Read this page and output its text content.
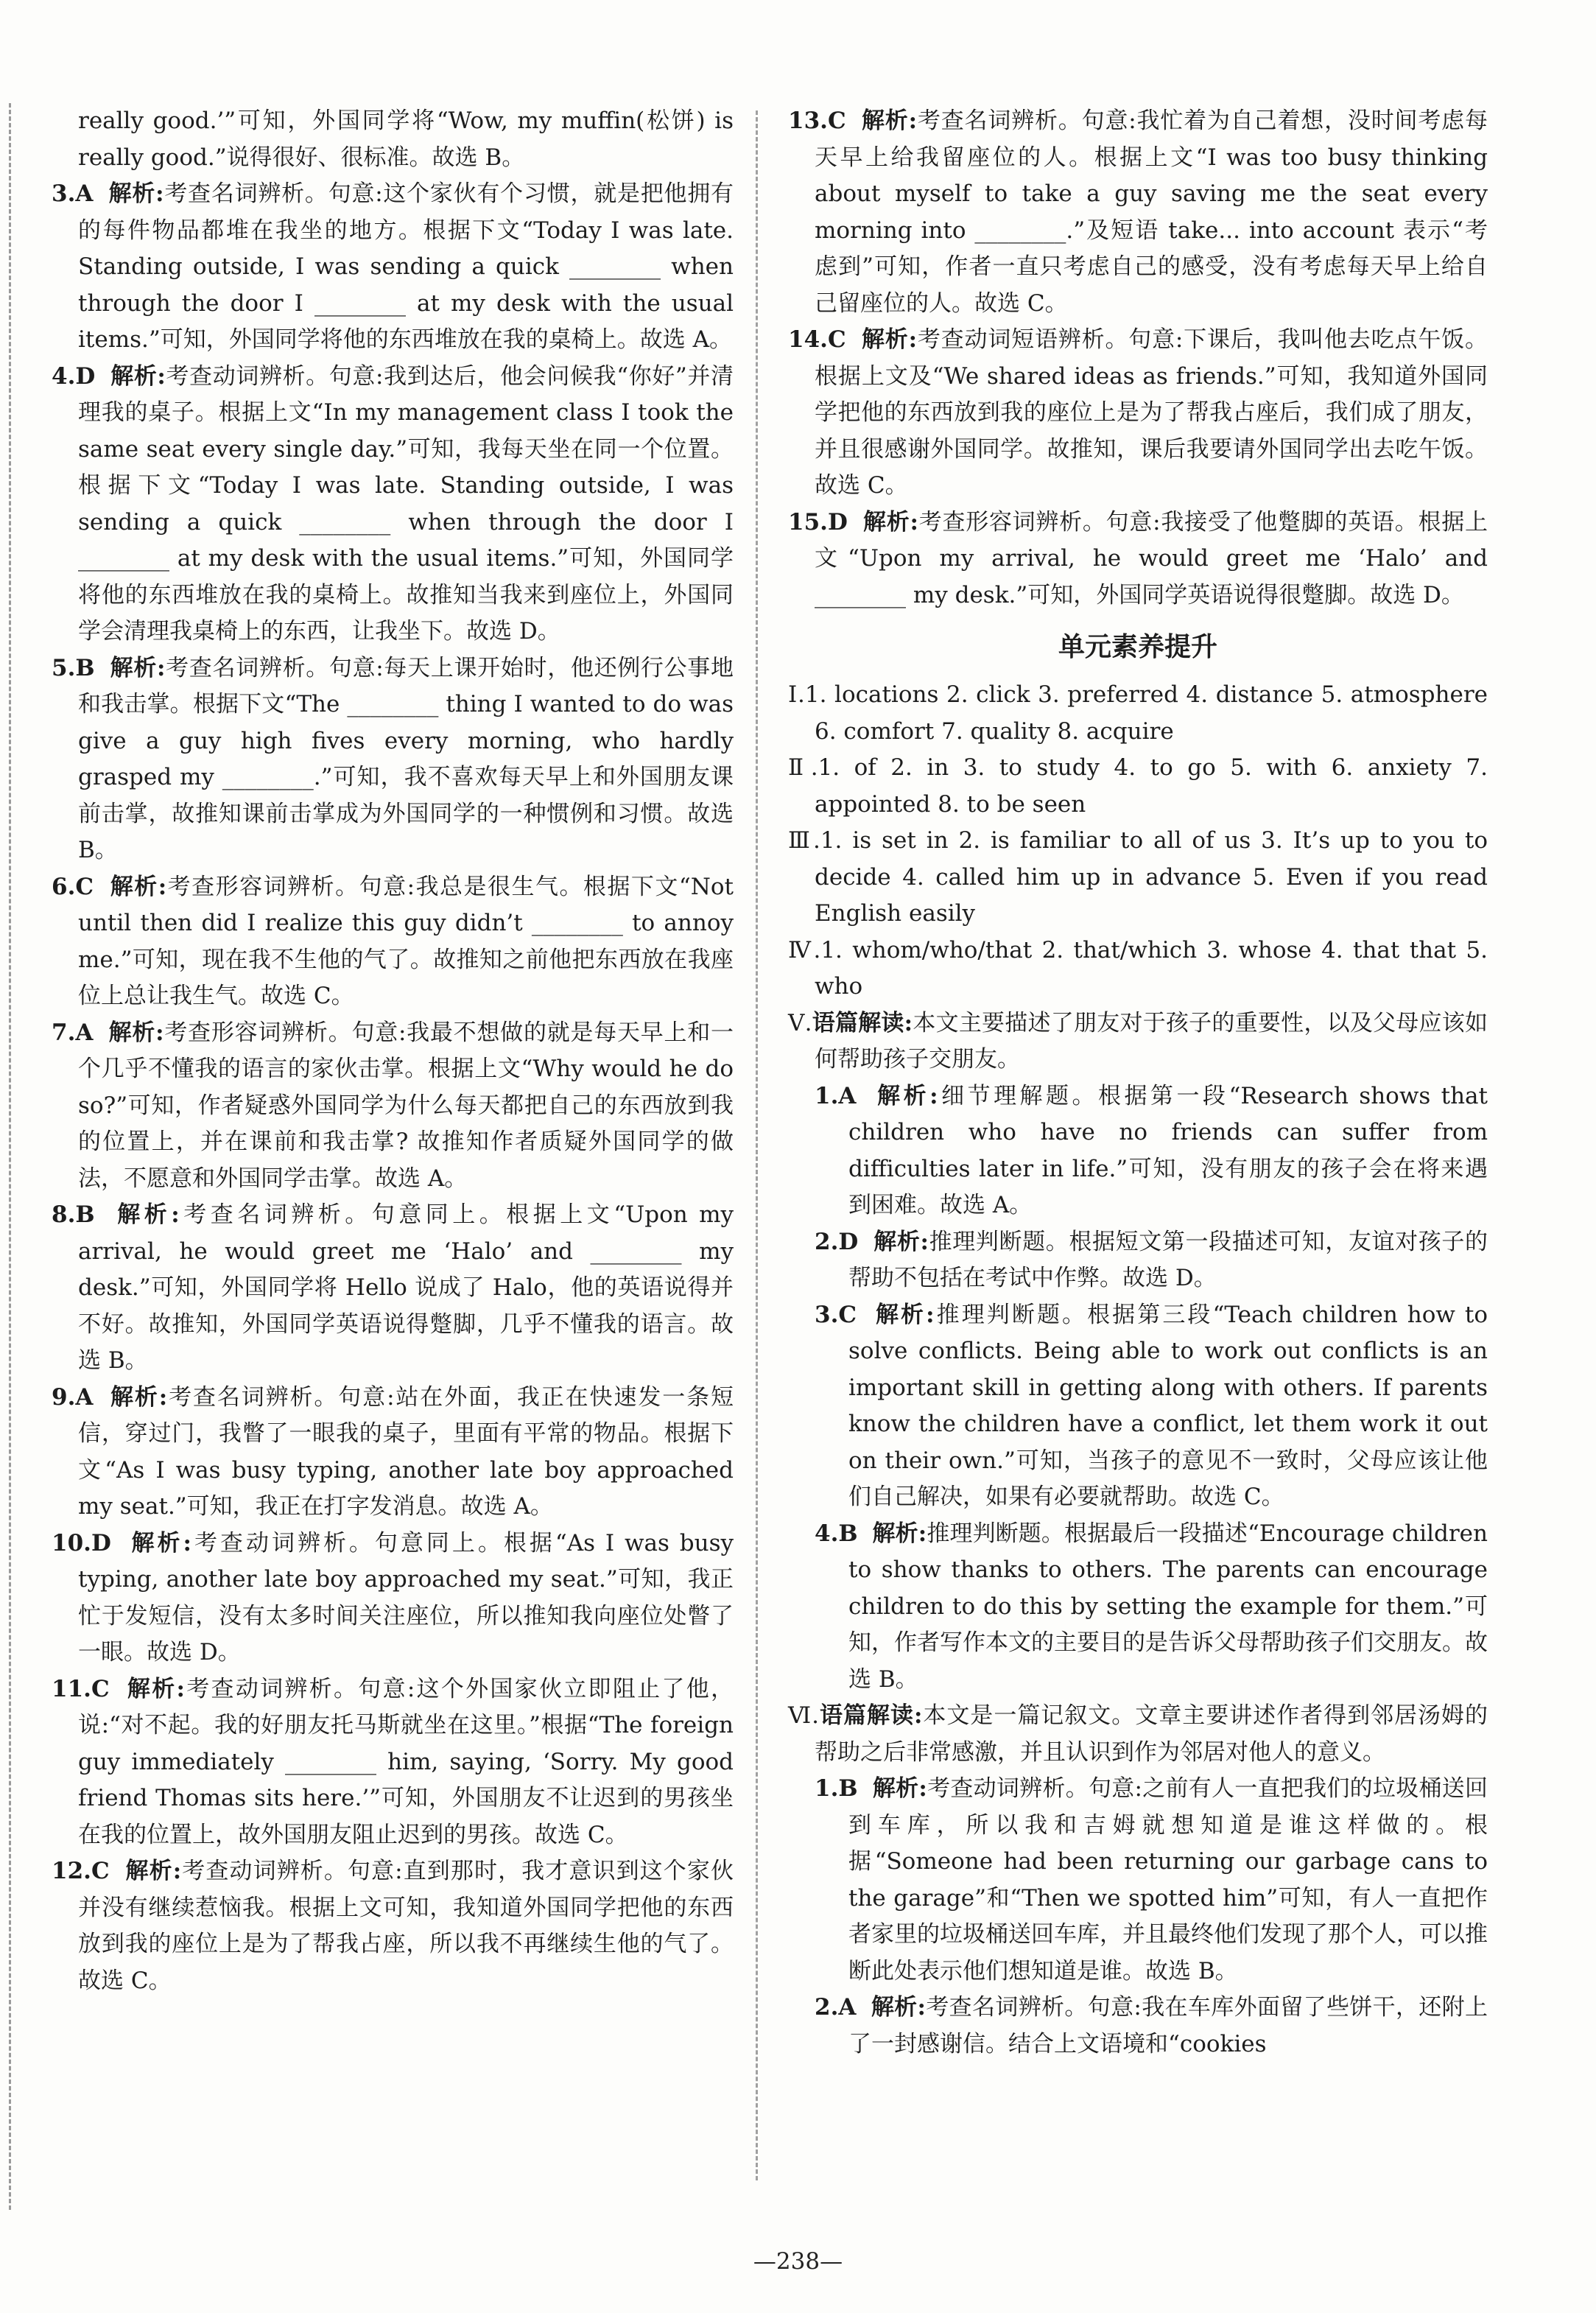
really good.’”可知，外国同学将“Wow, my muffin(松饼) is really good.”说得很好、很标准。故选 B。
3.A 解析:考查名词辨析。句意:这个家伙有个习惯，就是把他拥有的每件物品都堆在我坐的地方。根据下文“Today I was late. Standing outside, I was sending a quick ________ when through the door I ________ at my desk with the usual items.”可知，外国同学将他的东西堆放在我的桌椅上。故选 A。
4.D 解析:考查动词辨析。句意:我到达后，他会问候我“你好”并清理我的桌子。根据上文“In my management class I took the same seat every single day.”可知，我每天坐在同一个位置。根据下文“Today I was late. Standing outside, I was sending a quick ________ when through the door I ________ at my desk with the usual items.”可知，外国同学将他的东西堆放在我的桌椅上。故推知当我来到座位上，外国同学会清理我桌椅上的东西，让我坐下。故选 D。
5.B 解析:考查名词辨析。句意:每天上课开始时，他还例行公事地和我击掌。根据下文“The ________ thing I wanted to do was give a guy high fives every morning, who hardly grasped my ________.”可知，我不喜欢每天早上和外国朋友课前击掌，故推知课前击掌成为外国同学的一种惯例和习惯。故选 B。
6.C 解析:考查形容词辨析。句意:我总是很生气。根据下文“Not until then did I realize this guy didn’t ________ to annoy me.”可知，现在我不生他的气了。故推知之前他把东西放在我座位上总让我生气。故选 C。
7.A 解析:考查形容词辨析。句意:我最不想做的就是每天早上和一个几乎不懂我的语言的家伙击掌。根据上文“Why would he do so?”可知，作者疑惑外国同学为什么每天都把自己的东西放到我的位置上，并在课前和我击掌? 故推知作者质疑外国同学的做法，不愿意和外国同学击掌。故选 A。
8.B 解析:考查名词辨析。句意同上。根据上文“Upon my arrival, he would greet me ‘Halo’ and ________ my desk.”可知，外国同学将 Hello 说成了 Halo，他的英语说得并不好。故推知，外国同学英语说得蹩脚，几乎不懂我的语言。故选 B。
9.A 解析:考查名词辨析。句意:站在外面，我正在快速发一条短信，穿过门，我瞥了一眼我的桌子，里面有平常的物品。根据下文“As I was busy typing, another late boy approached my seat.”可知，我正在打字发消息。故选 A。
10.D 解析:考查动词辨析。句意同上。根据“As I was busy typing, another late boy approached my seat.”可知，我正忙于发短信，没有太多时间关注座位，所以推知我向座位处瞥了一眼。故选 D。
11.C 解析:考查动词辨析。句意:这个外国家伙立即阻止了他，说:“对不起。我的好朋友托马斯就坐在这里。”根据“The foreign guy immediately ________ him, saying, ‘Sorry. My good friend Thomas sits here.’”可知，外国朋友不让迟到的男孩坐在我的位置上，故外国朋友阻止迟到的男孩。故选 C。
12.C 解析:考查动词辨析。句意:直到那时，我才意识到这个家伙并没有继续惹恼我。根据上文可知，我知道外国同学把他的东西放到我的座位上是为了帮我占座，所以我不再继续生他的气了。故选 C。
13.C 解析:考查名词辨析。句意:我忙着为自己着想，没时间考虑每天早上给我留座位的人。根据上文“I was too busy thinking about myself to take a guy saving me the seat every morning into ________.”及短语 take... into account 表示“考虑到”可知，作者一直只考虑自己的感受，没有考虑每天早上给自己留座位的人。故选 C。
14.C 解析:考查动词短语辨析。句意:下课后，我叫他去吃点午饭。根据上文及“We shared ideas as friends.”可知，我知道外国同学把他的东西放到我的座位上是为了帮我占座后，我们成了朋友，并且很感谢外国同学。故推知，课后我要请外国同学出去吃午饭。故选 C。
15.D 解析:考查形容词辨析。句意:我接受了他蹩脚的英语。根据上文“Upon my arrival, he would greet me ‘Halo’ and ________ my desk.”可知，外国同学英语说得很蹩脚。故选 D。
单元素养提升
Ⅰ.1. locations 2. click 3. preferred 4. distance 5. atmosphere 6. comfort 7. quality 8. acquire
Ⅱ.1. of 2. in 3. to study 4. to go 5. with 6. anxiety 7. appointed 8. to be seen
Ⅲ.1. is set in 2. is familiar to all of us 3. It’s up to you to decide 4. called him up in advance 5. Even if you read English easily
Ⅳ.1. whom/who/that 2. that/which 3. whose 4. that that 5. who
Ⅴ.语篇解读:本文主要描述了朋友对于孩子的重要性，以及父母应该如何帮助孩子交朋友。
1.A 解析:细节理解题。根据第一段“Research shows that children who have no friends can suffer from difficulties later in life.”可知，没有朋友的孩子会在将来遇到困难。故选 A。
2.D 解析:推理判断题。根据短文第一段描述可知，友谊对孩子的帮助不包括在考试中作弊。故选 D。
3.C 解析:推理判断题。根据第三段“Teach children how to solve conflicts. Being able to work out conflicts is an important skill in getting along with others. If parents know the children have a conflict, let them work it out on their own.”可知，当孩子的意见不一致时，父母应该让他们自己解决，如果有必要就帮助。故选 C。
4.B 解析:推理判断题。根据最后一段描述“Encourage children to show thanks to others. The parents can encourage children to do this by setting the example for them.”可知，作者写作本文的主要目的是告诉父母帮助孩子们交朋友。故选 B。
Ⅵ.语篇解读:本文是一篇记叙文。文章主要讲述作者得到邻居汤姆的帮助之后非常感激，并且认识到作为邻居对他人的意义。
1.B 解析:考查动词辨析。句意:之前有人一直把我们的垃圾桶送回到车库，所以我和吉姆就想知道是谁这样做的。根据“Someone had been returning our garbage cans to the garage”和“Then we spotted him”可知，有人一直把作者家里的垃圾桶送回车库，并且最终他们发现了那个人，可以推断此处表示他们想知道是谁。故选 B。
2.A 解析:考查名词辨析。句意:我在车库外面留了些饼干，还附上了一封感谢信。结合上文语境和“cookies
—238—
